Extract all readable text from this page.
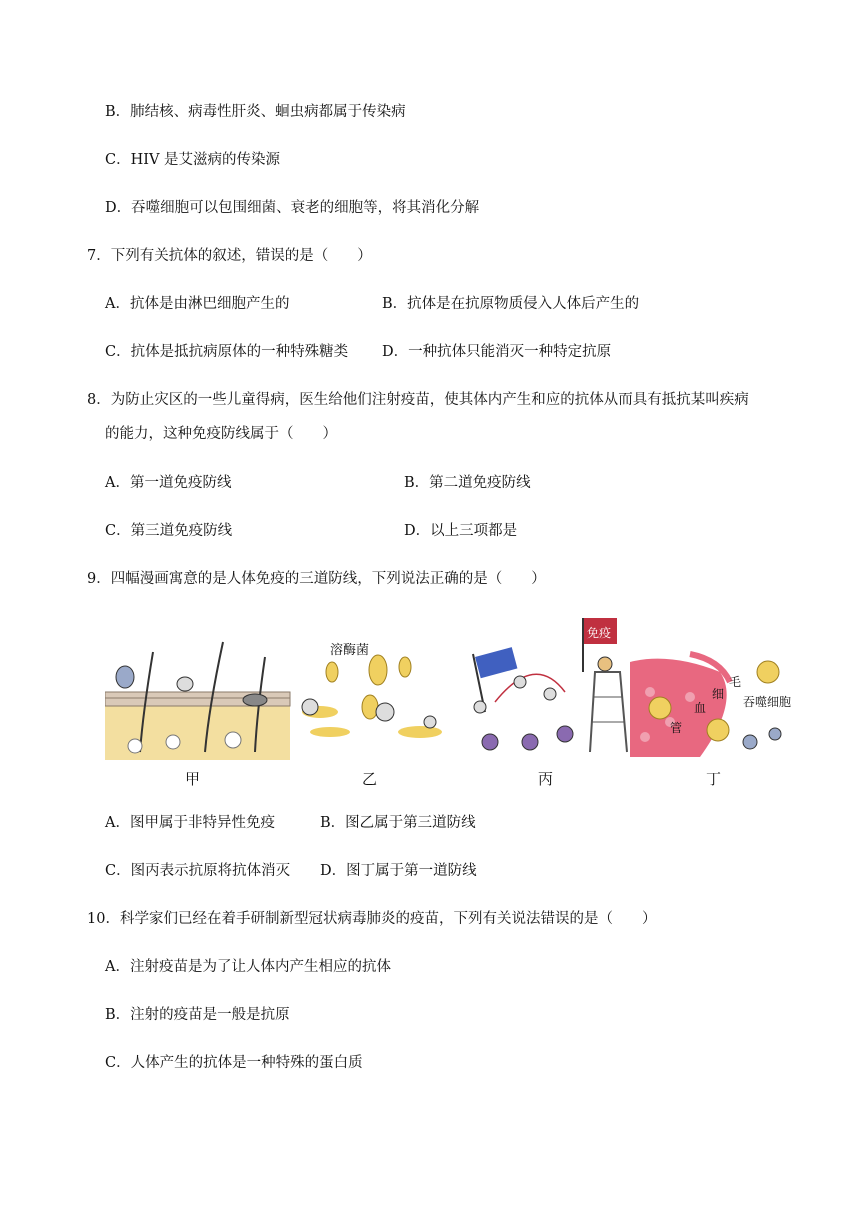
B．肺结核、病毒性肝炎、蛔虫病都属于传染病
C．HIV 是艾滋病的传染源
D．吞噬细胞可以包围细菌、衰老的细胞等，将其消化分解
7．下列有关抗体的叙述，错误的是（　　）
A．抗体是由淋巴细胞产生的	B．抗体是在抗原物质侵入人体后产生的
C．抗体是抵抗病原体的一种特殊糖类 D．一种抗体只能消灭一种特定抗原
8．为防止灾区的一些儿童得病，医生给他们注射疫苗，使其体内产生和应的抗体从而具有抵抗某叫疾病
的能力，这种免疫防线属于（　　）
A．第一道免疫防线	B．第二道免疫防线
C．第三道免疫防线	D．以上三项都是
9．四幅漫画寓意的是人体免疫的三道防线，下列说法正确的是（　　）
溶酶菌
免疫
毛
细
血
管
吞噬细胞
甲	乙	丙	丁
A．图甲属于非特异性免疫	B．图乙属于第三道防线
C．图丙表示抗原将抗体消灭 D．图丁属于第一道防线
10．科学家们已经在着手研制新型冠状病毒肺炎的疫苗，下列有关说法错误的是（　　）
A．注射疫苗是为了让人体内产生相应的抗体
B．注射的疫苗是一般是抗原
C．人体产生的抗体是一种特殊的蛋白质
